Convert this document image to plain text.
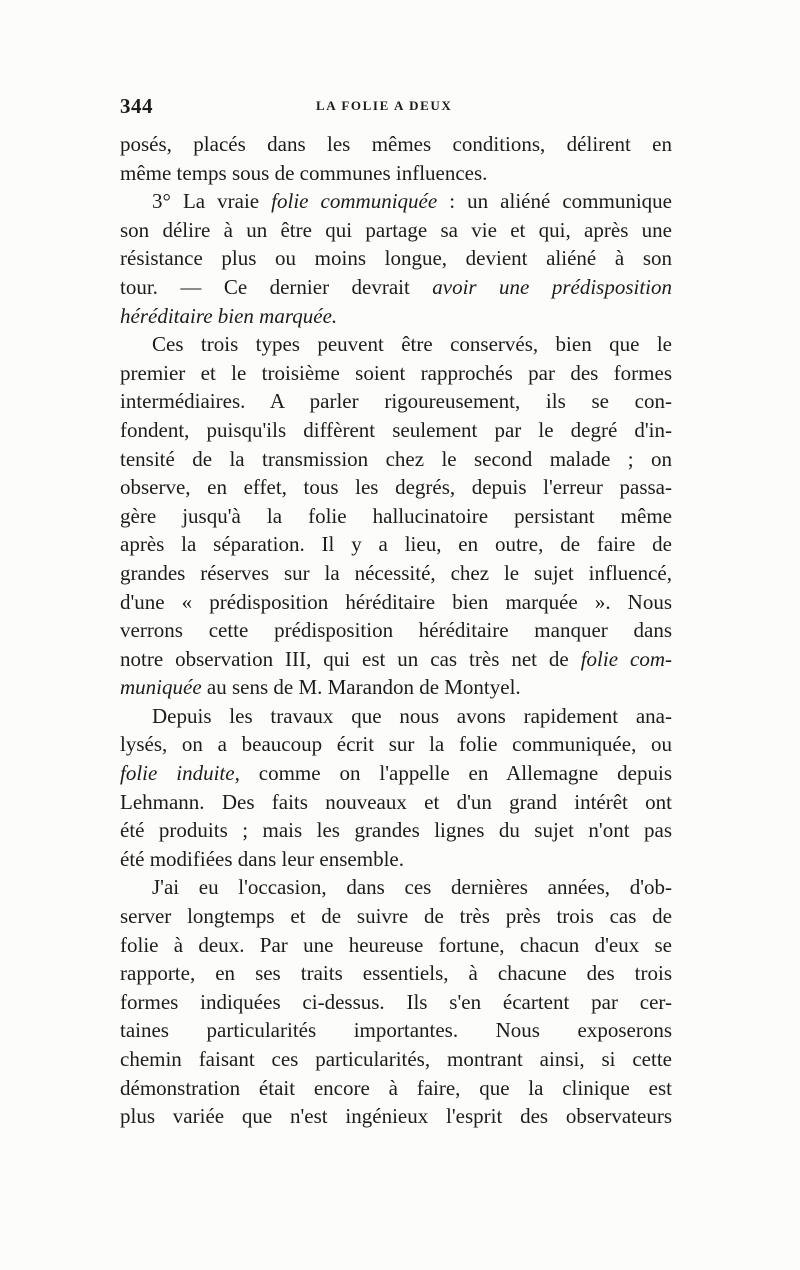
344	LA FOLIE A DEUX
posés, placés dans les mêmes conditions, délirent en
même temps sous de communes influences.
3° La vraie folie communiquée : un aliéné communique
son délire à un être qui partage sa vie et qui, après une
résistance plus ou moins longue, devient aliéné à son
tour. — Ce dernier devrait avoir une prédisposition
héréditaire bien marquée.
Ces trois types peuvent être conservés, bien que le
premier et le troisième soient rapprochés par des formes
intermédiaires. A parler rigoureusement, ils se con-
fondent, puisqu'ils diffèrent seulement par le degré d'in-
tensité de la transmission chez le second malade ; on
observe, en effet, tous les degrés, depuis l'erreur passa-
gère jusqu'à la folie hallucinatoire persistant même
après la séparation. Il y a lieu, en outre, de faire de
grandes réserves sur la nécessité, chez le sujet influencé,
d'une « prédisposition héréditaire bien marquée ». Nous
verrons cette prédisposition héréditaire manquer dans
notre observation III, qui est un cas très net de folie com-
muniquée au sens de M. Marandon de Montyel.
Depuis les travaux que nous avons rapidement ana-
lysés, on a beaucoup écrit sur la folie communiquée, ou
folie induite, comme on l'appelle en Allemagne depuis
Lehmann. Des faits nouveaux et d'un grand intérêt ont
été produits ; mais les grandes lignes du sujet n'ont pas
été modifiées dans leur ensemble.
J'ai eu l'occasion, dans ces dernières années, d'ob-
server longtemps et de suivre de très près trois cas de
folie à deux. Par une heureuse fortune, chacun d'eux se
rapporte, en ses traits essentiels, à chacune des trois
formes indiquées ci-dessus. Ils s'en écartent par cer-
taines particularités importantes. Nous exposerons
chemin faisant ces particularités, montrant ainsi, si cette
démonstration était encore à faire, que la clinique est
plus variée que n'est ingénieux l'esprit des observateurs
